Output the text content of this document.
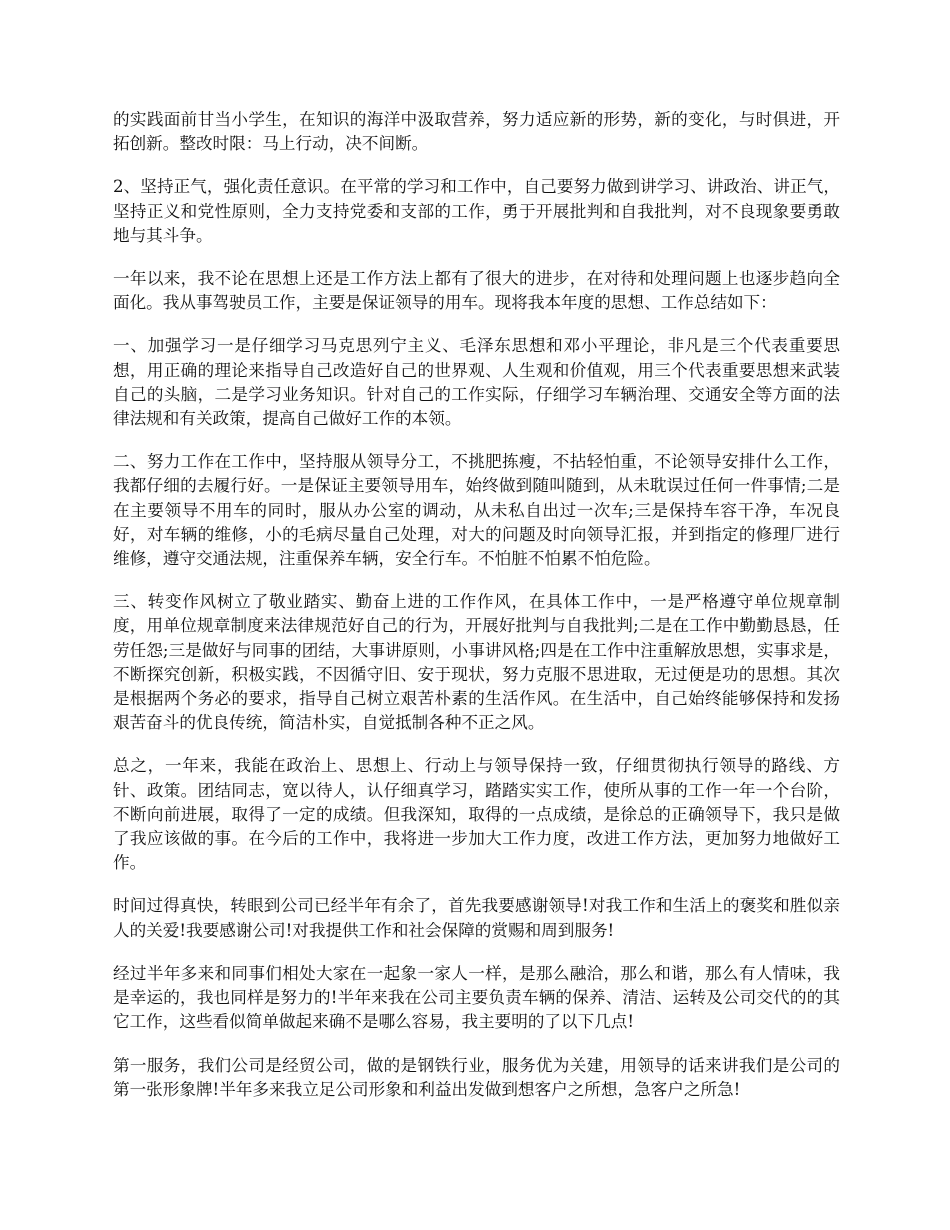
的实践面前甘当小学生，在知识的海洋中汲取营养，努力适应新的形势，新的变化，与时俱进，开拓创新。整改时限：马上行动，决不间断。

2、坚持正气，强化责任意识。在平常的学习和工作中，自己要努力做到讲学习、讲政治、讲正气，坚持正义和党性原则，全力支持党委和支部的工作，勇于开展批判和自我批判，对不良现象要勇敢地与其斗争。

一年以来，我不论在思想上还是工作方法上都有了很大的进步，在对待和处理问题上也逐步趋向全面化。我从事驾驶员工作，主要是保证领导的用车。现将我本年度的思想、工作总结如下：

一、加强学习一是仔细学习马克思列宁主义、毛泽东思想和邓小平理论，非凡是三个代表重要思想，用正确的理论来指导自己改造好自己的世界观、人生观和价值观，用三个代表重要思想来武装自己的头脑，二是学习业务知识。针对自己的工作实际，仔细学习车辆治理、交通安全等方面的法律法规和有关政策，提高自己做好工作的本领。

二、努力工作在工作中，坚持服从领导分工，不挑肥拣瘦，不拈轻怕重，不论领导安排什么工作，我都仔细的去履行好。一是保证主要领导用车，始终做到随叫随到，从未耽误过任何一件事情;二是在主要领导不用车的同时，服从办公室的调动，从未私自出过一次车;三是保持车容干净，车况良好，对车辆的维修，小的毛病尽量自己处理，对大的问题及时向领导汇报，并到指定的修理厂进行维修，遵守交通法规，注重保养车辆，安全行车。不怕脏不怕累不怕危险。

三、转变作风树立了敬业踏实、勤奋上进的工作作风，在具体工作中，一是严格遵守单位规章制度，用单位规章制度来法律规范好自己的行为，开展好批判与自我批判;二是在工作中勤勤恳恳，任劳任怨;三是做好与同事的团结，大事讲原则，小事讲风格;四是在工作中注重解放思想，实事求是，不断探究创新，积极实践，不因循守旧、安于现状，努力克服不思进取，无过便是功的思想。其次是根据两个务必的要求，指导自己树立艰苦朴素的生活作风。在生活中，自己始终能够保持和发扬艰苦奋斗的优良传统，简洁朴实，自觉抵制各种不正之风。

总之，一年来，我能在政治上、思想上、行动上与领导保持一致，仔细贯彻执行领导的路线、方针、政策。团结同志，宽以待人，认仔细真学习，踏踏实实工作，使所从事的工作一年一个台阶，不断向前进展，取得了一定的成绩。但我深知，取得的一点成绩，是徐总的正确领导下，我只是做了我应该做的事。在今后的工作中，我将进一步加大工作力度，改进工作方法，更加努力地做好工作。

时间过得真快，转眼到公司已经半年有余了，首先我要感谢领导!对我工作和生活上的褒奖和胜似亲人的关爱!我要感谢公司!对我提供工作和社会保障的赏赐和周到服务!

经过半年多来和同事们相处大家在一起象一家人一样，是那么融洽，那么和谐，那么有人情味，我是幸运的，我也同样是努力的!半年来我在公司主要负责车辆的保养、清洁、运转及公司交代的的其它工作，这些看似简单做起来确不是哪么容易，我主要明的了以下几点!

第一服务，我们公司是经贸公司，做的是钢铁行业，服务优为关建，用领导的话来讲我们是公司的第一张形象牌!半年多来我立足公司形象和利益出发做到想客户之所想，急客户之所急!
